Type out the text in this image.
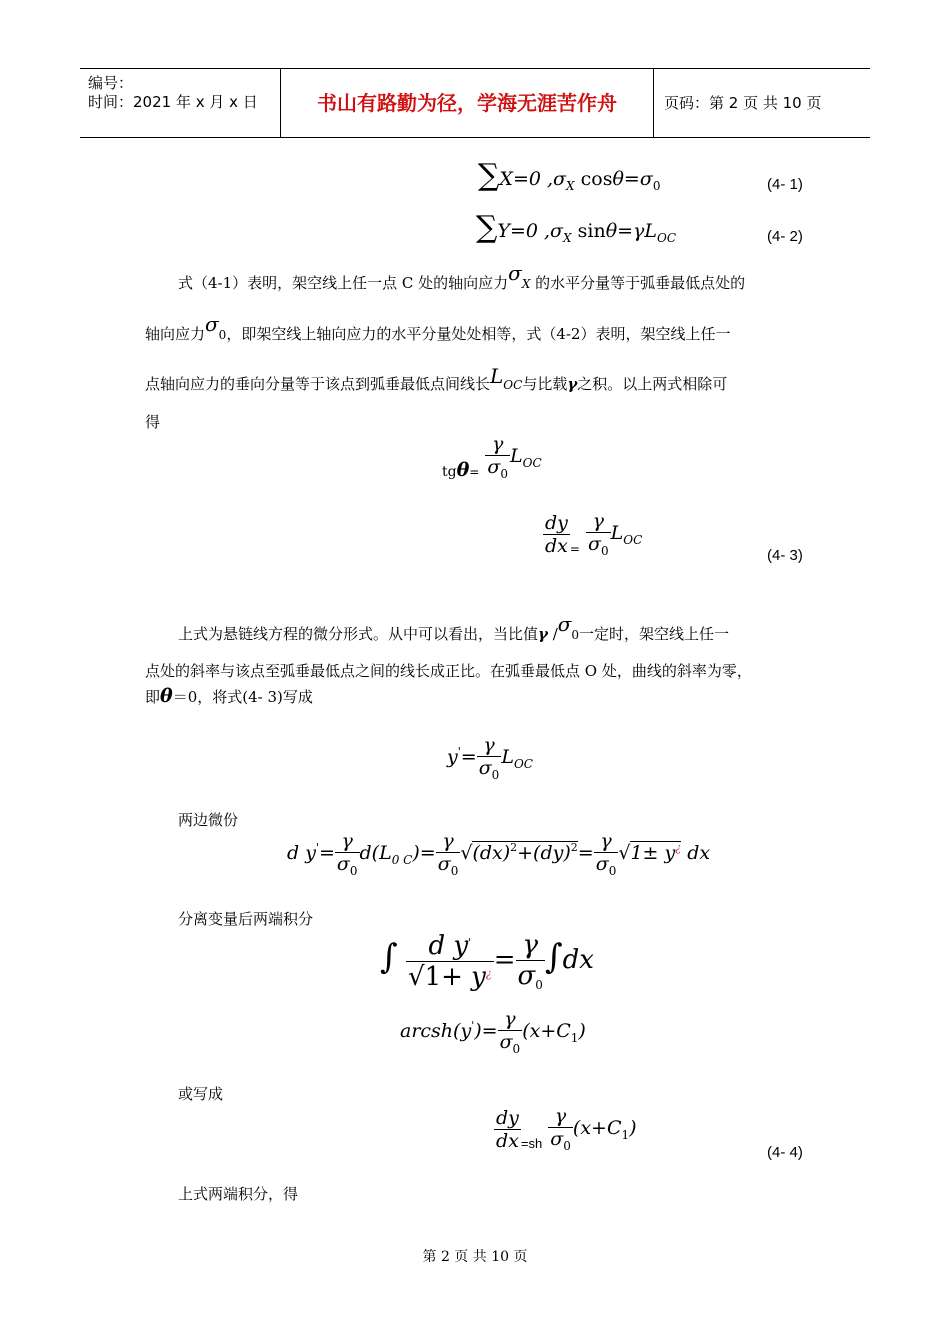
编号：
时间：2021 年 x 月 x 日	书山有路勤为径，学海无涯苦作舟	页码：第 2 页 共 10 页
∑X=0 $,\sigma_X$ $\cos\theta=\sigma_0$	(4- 1)
∑Y=0 $,\sigma_X$ $\sin\theta=\gamma L_{OC}$	(4- 2)
式（4-1）表明，架空线上任一点 C 处的轴向应力σX 的水平分量等于弧垂最低点处的
轴向应力σ0，即架空线上轴向应力的水平分量处处相等，式（4-2）表明，架空线上任一
点轴向应力的垂向分量等于该点到弧垂最低点间线长LOC与比载γ之积。以上两式相除可
得
$_{tg}\theta_= \frac{\gamma}{\sigma_0} L_{OC}$
$\frac{dy}{dx} _= \frac{\gamma}{\sigma_0} L_{OC}$
(4- 3)
上式为悬链线方程的微分形式。从中可以看出，当比值γ /σ0一定时，架空线上任一
点处的斜率与该点至弧垂最低点之间的线长成正比。在弧垂最低点 O 处，曲线的斜率为零，
即θ＝0，将式(4- 3)写成
$y'= \frac{\gamma}{\sigma_0} L_{OC}$
两边微份
d $y'= \frac{\gamma}{\sigma_0} d(L_{0 C})= \frac{\gamma}{\sigma_0} √(dx)^2+(dy)^2= \frac{\gamma}{\sigma_0} √1\pm y^¿$ dx
分离变量后两端积分
∫ $\frac{d y'}{√1+ y^¿} = \frac{\gamma}{\sigma_0} \int dx$
arcsh(y')= $\frac{\gamma}{\sigma_0} (x+C_1)$
或写成
$\frac{dy}{dx} _{=sh} \frac{\gamma}{\sigma_0} (x+C_1)$
(4- 4)
上式两端积分，得
第 2 页 共 10 页
